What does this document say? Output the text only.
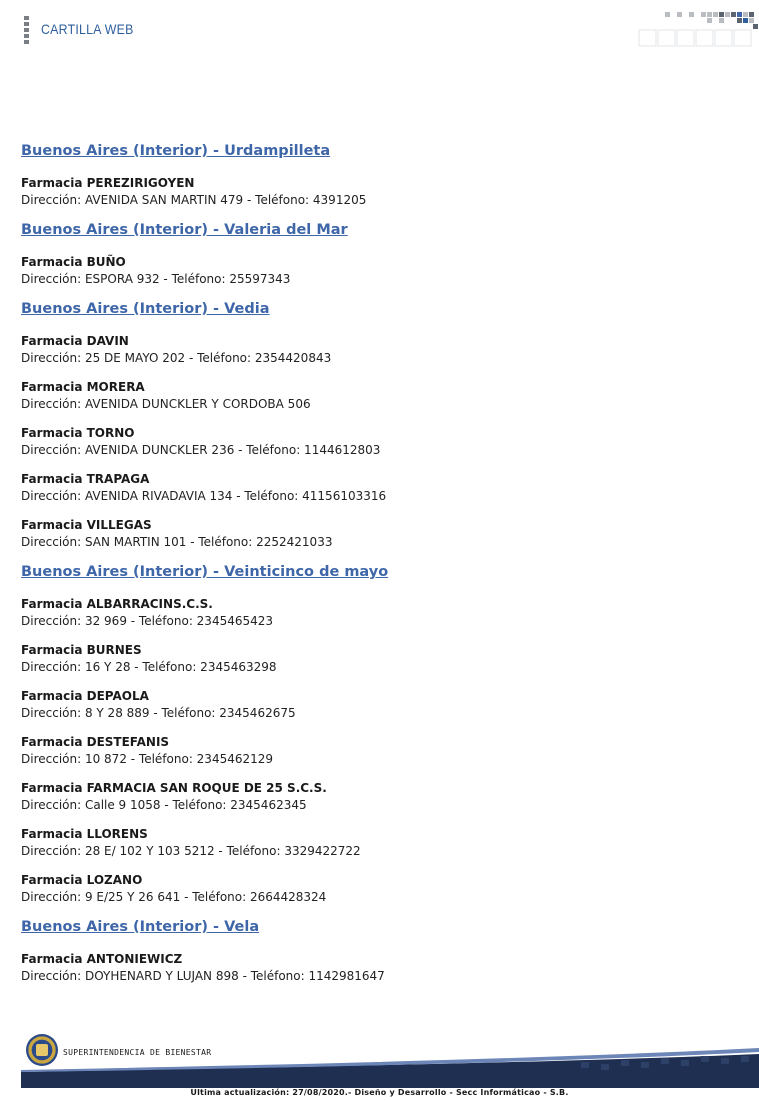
CARTILLA WEB
Buenos Aires (Interior) - Urdampilleta
Farmacia PEREZIRIGOYEN
Dirección: AVENIDA SAN MARTIN 479 - Teléfono: 4391205
Buenos Aires (Interior) - Valeria del Mar
Farmacia BUÑO
Dirección: ESPORA 932 - Teléfono: 25597343
Buenos Aires (Interior) - Vedia
Farmacia DAVIN
Dirección: 25 DE MAYO 202 - Teléfono: 2354420843
Farmacia MORERA
Dirección: AVENIDA DUNCKLER Y CORDOBA 506
Farmacia TORNO
Dirección: AVENIDA DUNCKLER 236 - Teléfono: 1144612803
Farmacia TRAPAGA
Dirección: AVENIDA RIVADAVIA 134 - Teléfono: 41156103316
Farmacia VILLEGAS
Dirección: SAN MARTIN 101 - Teléfono: 2252421033
Buenos Aires (Interior) - Veinticinco de mayo
Farmacia ALBARRACINS.C.S.
Dirección: 32 969 - Teléfono: 2345465423
Farmacia BURNES
Dirección: 16 Y 28 - Teléfono: 2345463298
Farmacia DEPAOLA
Dirección: 8 Y 28 889 - Teléfono: 2345462675
Farmacia DESTEFANIS
Dirección: 10 872 - Teléfono: 2345462129
Farmacia FARMACIA SAN ROQUE DE 25 S.C.S.
Dirección: Calle 9 1058 - Teléfono: 2345462345
Farmacia LLORENS
Dirección: 28 E/ 102 Y 103 5212 - Teléfono: 3329422722
Farmacia LOZANO
Dirección: 9 E/25 Y 26 641 - Teléfono: 2664428324
Buenos Aires (Interior) - Vela
Farmacia ANTONIEWICZ
Dirección: DOYHENARD Y LUJAN 898 - Teléfono: 1142981647
SUPERINTENDENCIA DE BIENESTAR
Ultima actualización: 27/08/2020.- Diseño y Desarrollo - Secc Informáticao - S.B.
